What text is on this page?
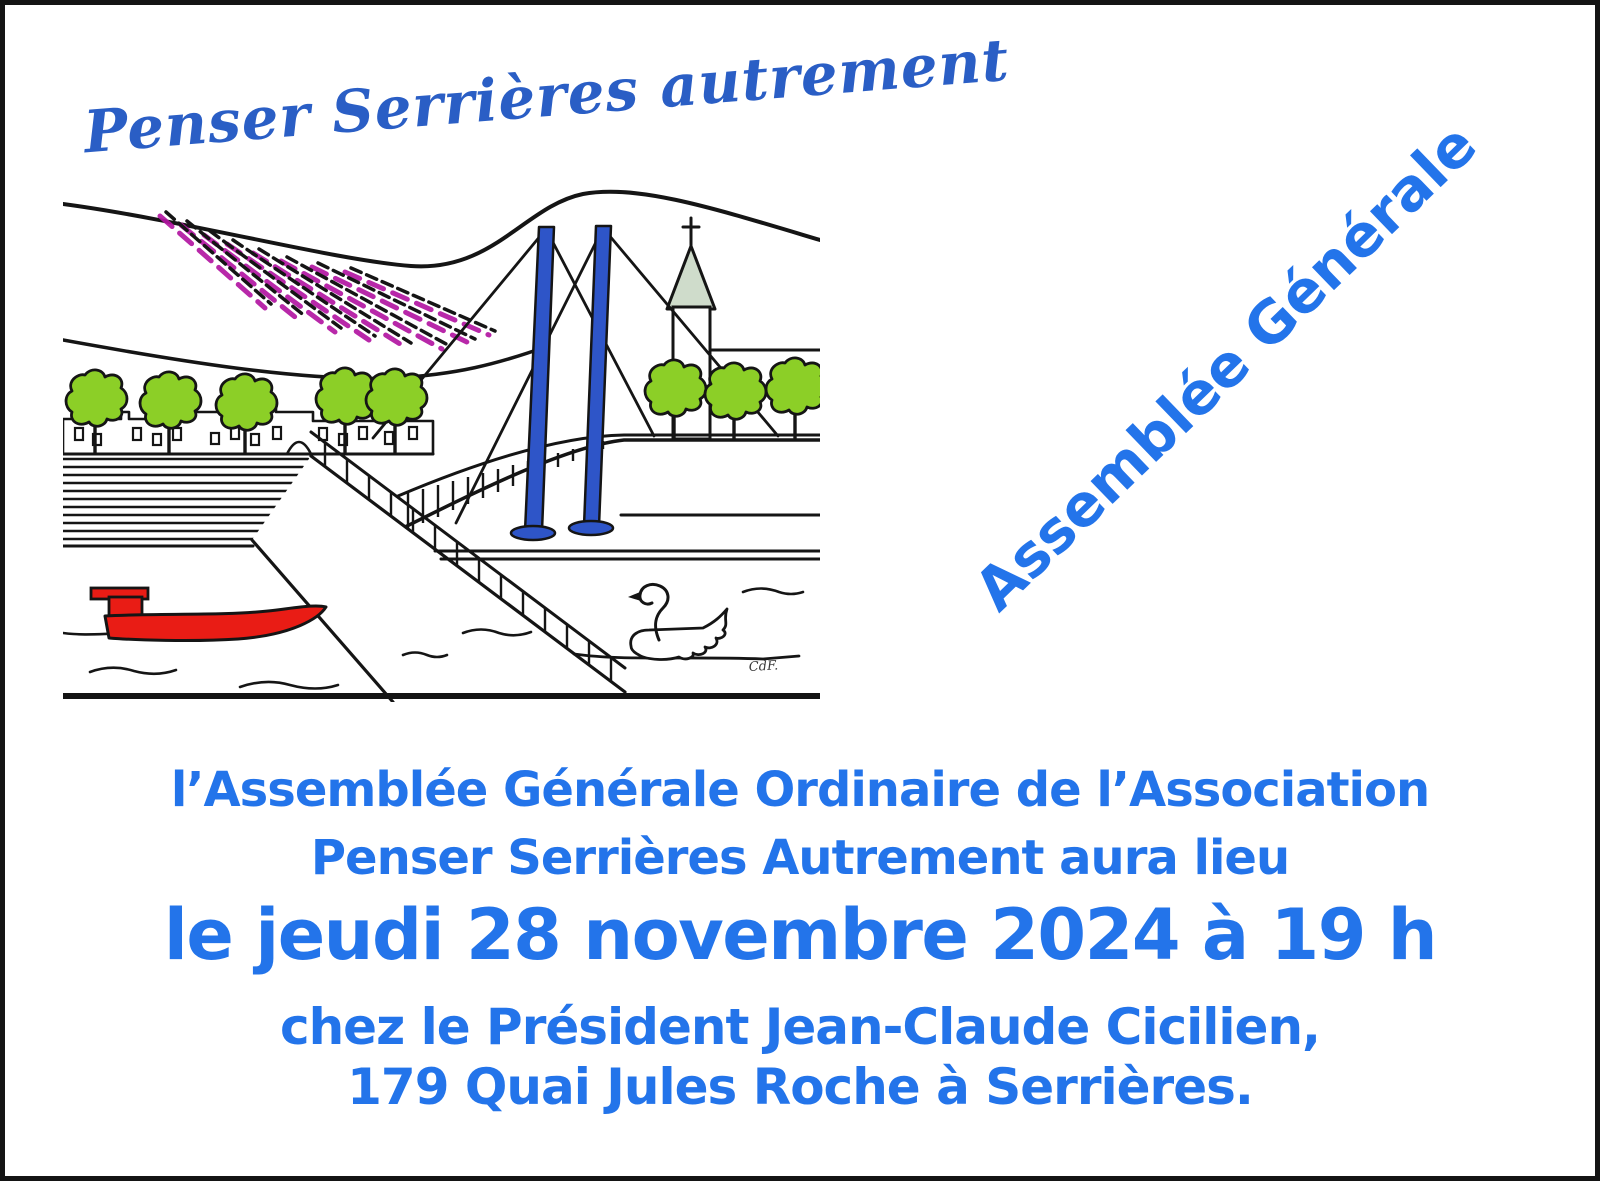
Penser Serrières autrement
CdF.
Assemblée Générale
l’Assemblée Générale Ordinaire de l’Association
Penser Serrières Autrement aura lieu
le jeudi 28 novembre 2024 à 19 h
chez le Président Jean-Claude Cicilien,
179 Quai Jules Roche à Serrières.
